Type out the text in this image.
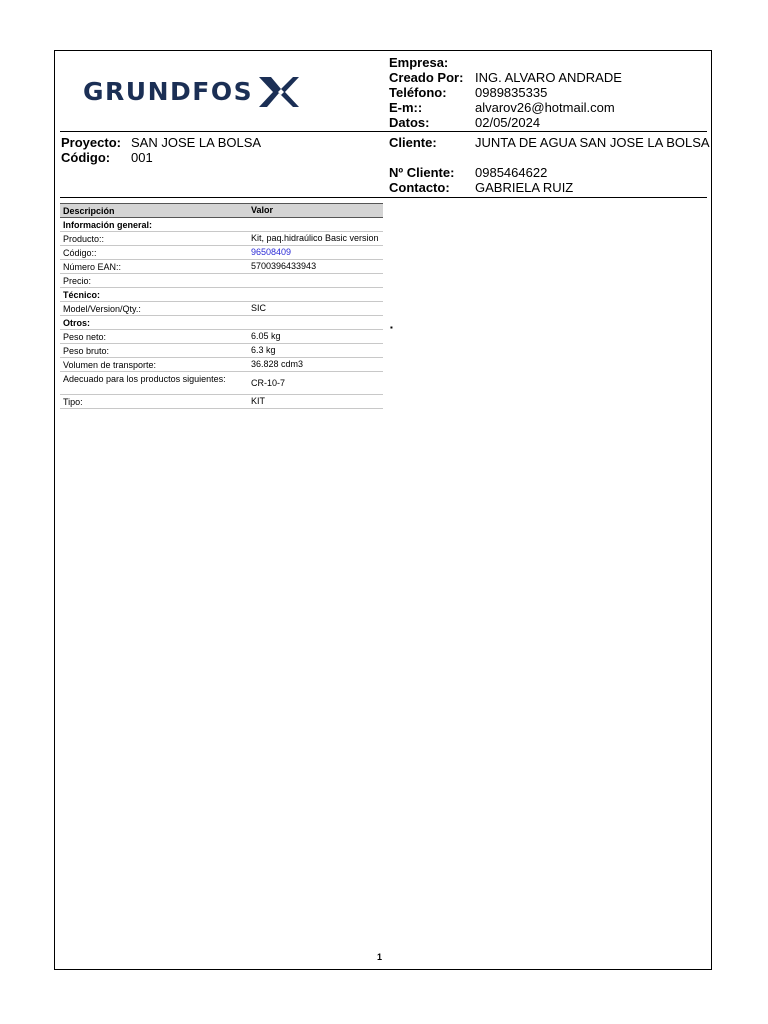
GRUNDFOS
Empresa:
Creado Por: ING. ALVARO ANDRADE
Teléfono: 0989835335
E-m::	alvarov26@hotmail.com
Datos:	02/05/2024
Proyecto: SAN JOSE LA BOLSA
Código: 001
Cliente:	JUNTA DE AGUA SAN JOSE LA BOLSA
Nº Cliente: 0985464622
Contacto: GABRIELA RUIZ
Descripción	Valor
Información general:
Producto::	Kit, paq.hidraúlico Basic version
Código::	96508409
Número EAN::	5700396433943
Precio:
Técnico:
Model/Version/Qty.:	SIC
Otros:
Peso neto:	6.05 kg
Peso bruto:	6.3 kg
Volumen de transporte:	36.828 cdm3
Adecuado para los productos siguientes:	CR-10-7
Tipo:	KIT
▪
1
